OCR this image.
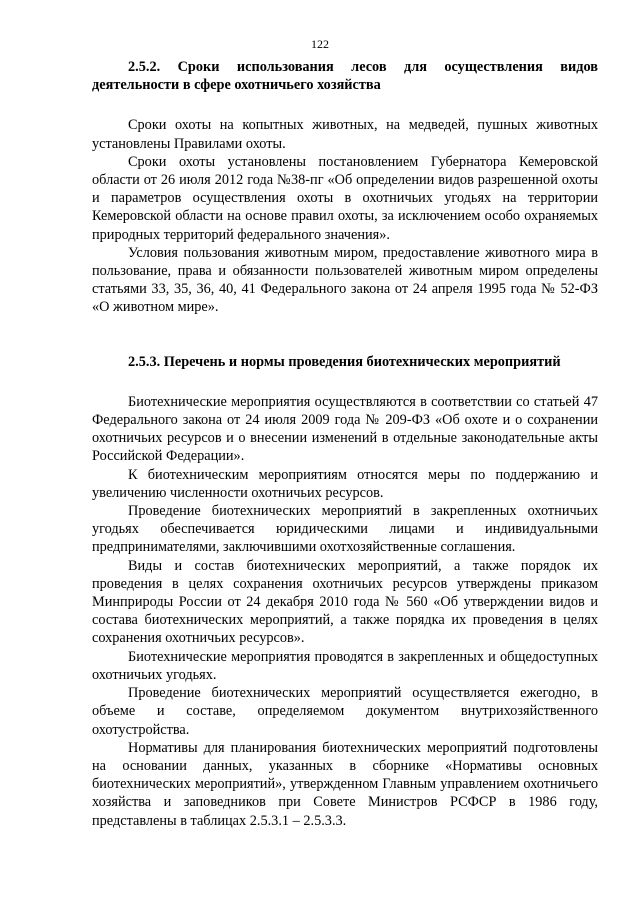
122

2.5.2. Сроки использования лесов для осуществления видов деятельности в сфере охотничьего хозяйства

Сроки охоты на копытных животных, на медведей, пушных животных установлены Правилами охоты.

Сроки охоты установлены постановлением Губернатора Кемеровской области от 26 июля 2012 года №38-пг «Об определении видов разрешенной охоты и параметров осуществления охоты в охотничьих угодьях на территории Кемеровской области на основе правил охоты, за исключением особо охраняемых природных территорий федерального значения».

Условия пользования животным миром, предоставление животного мира в пользование, права и обязанности пользователей животным миром определены статьями 33, 35, 36, 40, 41 Федерального закона от 24 апреля 1995 года № 52-ФЗ «О животном мире».

2.5.3. Перечень и нормы проведения биотехнических мероприятий

Биотехнические мероприятия осуществляются в соответствии со статьей 47 Федерального закона от 24 июля 2009 года № 209-ФЗ «Об охоте и о сохранении охотничьих ресурсов и о внесении изменений в отдельные законодательные акты Российской Федерации».

К биотехническим мероприятиям относятся меры по поддержанию и увеличению численности охотничьих ресурсов.

Проведение биотехнических мероприятий в закрепленных охотничьих угодьях обеспечивается юридическими лицами и индивидуальными предпринимателями, заключившими охотхозяйственные соглашения.

Виды и состав биотехнических мероприятий, а также порядок их проведения в целях сохранения охотничьих ресурсов утверждены приказом Минприроды России от 24 декабря 2010 года № 560 «Об утверждении видов и состава биотехнических мероприятий, а также порядка их проведения в целях сохранения охотничьих ресурсов».

Биотехнические мероприятия проводятся в закрепленных и общедоступных охотничьих угодьях.

Проведение биотехнических мероприятий осуществляется ежегодно, в объеме и составе, определяемом документом внутрихозяйственного охотустройства.

Нормативы для планирования биотехнических мероприятий подготовлены на основании данных, указанных в сборнике «Нормативы основных биотехнических мероприятий», утвержденном Главным управлением охотничьего хозяйства и заповедников при Совете Министров РСФСР в 1986 году, представлены в таблицах 2.5.3.1 – 2.5.3.3.
